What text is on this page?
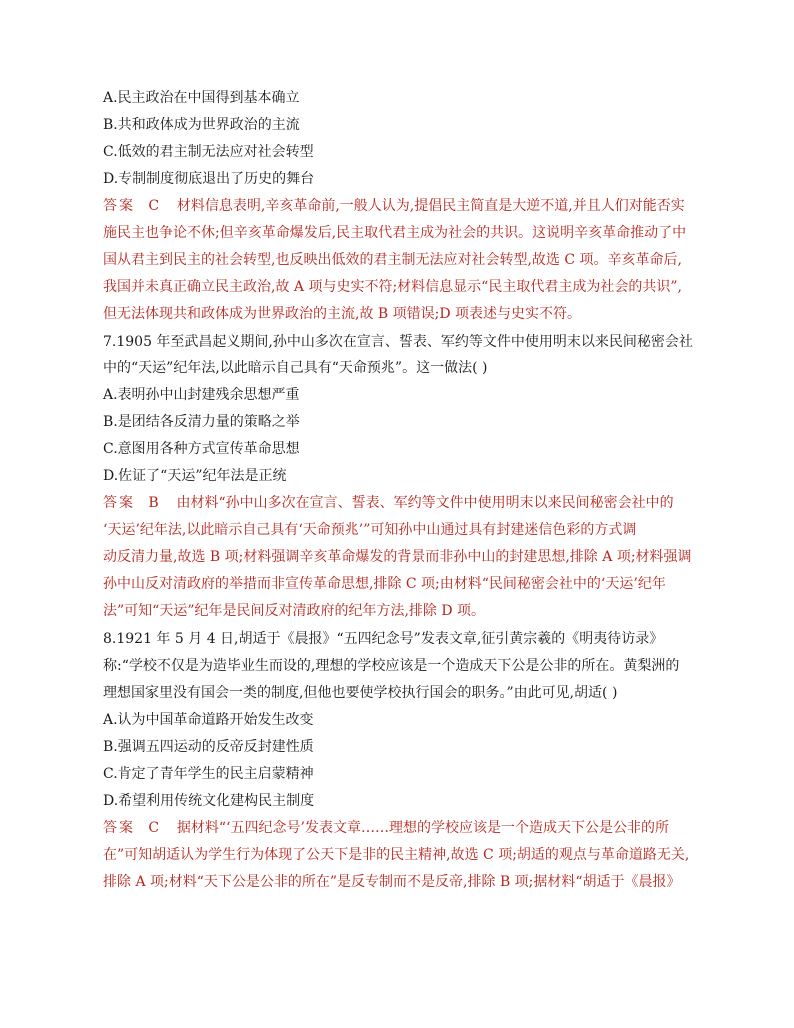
A.民主政治在中国得到基本确立
B.共和政体成为世界政治的主流
C.低效的君主制无法应对社会转型
D.专制制度彻底退出了历史的舞台
答案 C 材料信息表明,辛亥革命前,一般人认为,提倡民主简直是大逆不道,并且人们对能否实
施民主也争论不休;但辛亥革命爆发后,民主取代君主成为社会的共识。这说明辛亥革命推动了中
国从君主到民主的社会转型,也反映出低效的君主制无法应对社会转型,故选 C 项。辛亥革命后,
我国并未真正确立民主政治,故 A 项与史实不符;材料信息显示“民主取代君主成为社会的共识”,
但无法体现共和政体成为世界政治的主流,故 B 项错误;D 项表述与史实不符。
7.1905 年至武昌起义期间,孙中山多次在宣言、誓表、军约等文件中使用明末以来民间秘密会社
中的“天运”纪年法,以此暗示自己具有“天命预兆”。这一做法( )
A.表明孙中山封建残余思想严重
B.是团结各反清力量的策略之举
C.意图用各种方式宣传革命思想
D.佐证了“天运”纪年法是正统
答案 B 由材料“孙中山多次在宣言、誓表、军约等文件中使用明末以来民间秘密会社中的
‘天运’纪年法,以此暗示自己具有‘天命预兆’”可知孙中山通过具有封建迷信色彩的方式调
动反清力量,故选 B 项;材料强调辛亥革命爆发的背景而非孙中山的封建思想,排除 A 项;材料强调
孙中山反对清政府的举措而非宣传革命思想,排除 C 项;由材料“民间秘密会社中的‘天运’纪年
法”可知“天运”纪年是民间反对清政府的纪年方法,排除 D 项。
8.1921 年 5 月 4 日,胡适于《晨报》“五四纪念号”发表文章,征引黄宗羲的《明夷待访录》
称:“学校不仅是为造毕业生而设的,理想的学校应该是一个造成天下公是公非的所在。黄梨洲的
理想国家里没有国会一类的制度,但他也要使学校执行国会的职务。”由此可见,胡适( )
A.认为中国革命道路开始发生改变
B.强调五四运动的反帝反封建性质
C.肯定了青年学生的民主启蒙精神
D.希望利用传统文化建构民主制度
答案 C 据材料“‘五四纪念号’发表文章……理想的学校应该是一个造成天下公是公非的所
在”可知胡适认为学生行为体现了公天下是非的民主精神,故选 C 项;胡适的观点与革命道路无关,
排除 A 项;材料“天下公是公非的所在”是反专制而不是反帝,排除 B 项;据材料“胡适于《晨报》
